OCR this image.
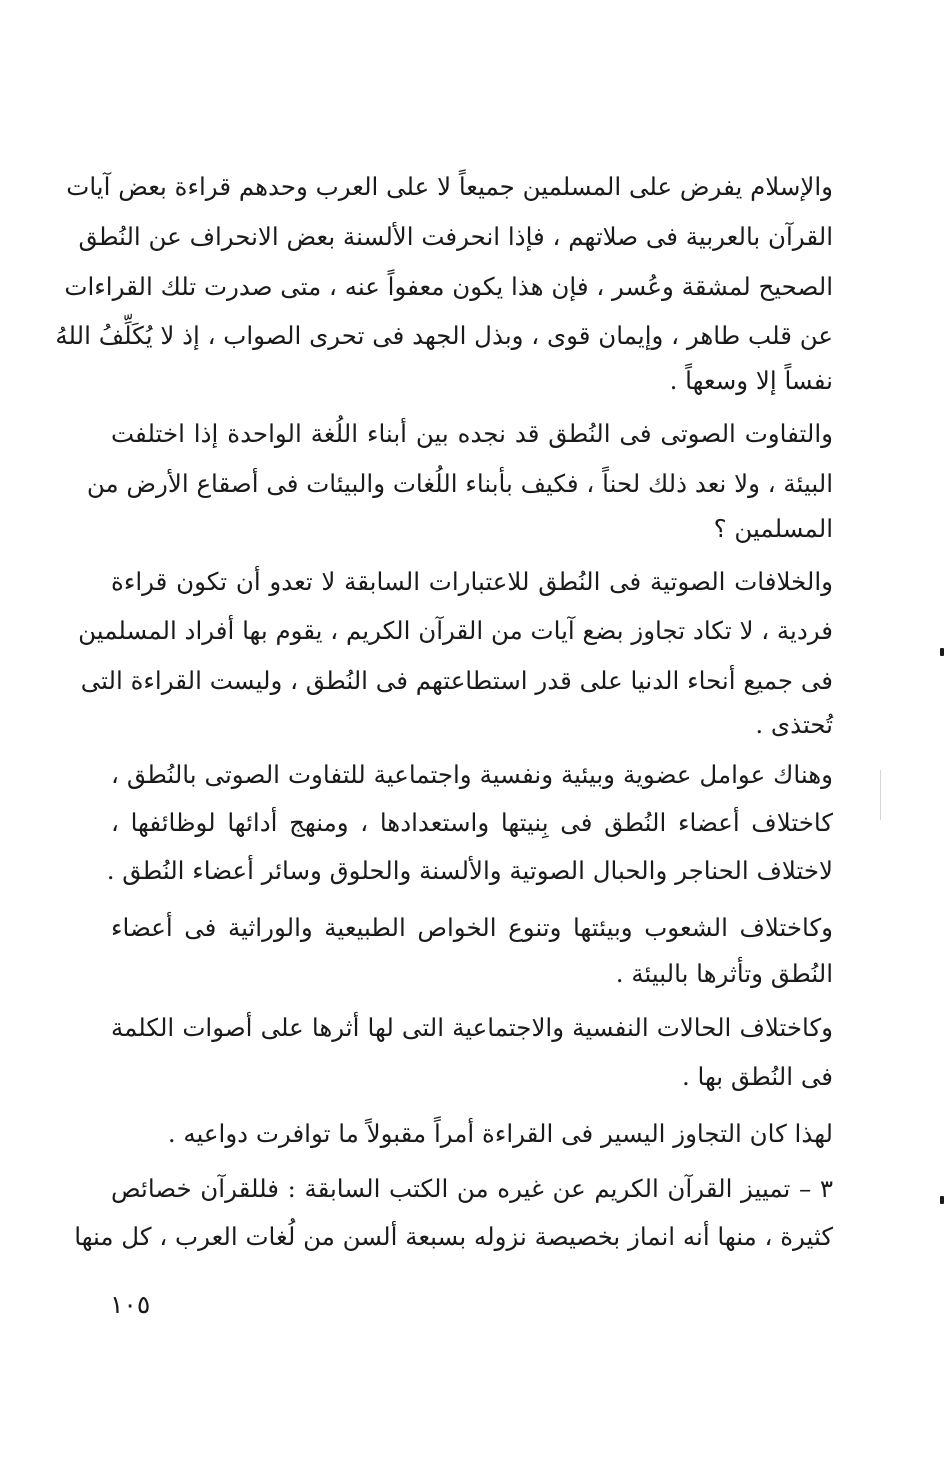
والإسلام يفرض على المسلمين جميعاً لا على العرب وحدهم قراءة بعض آيات
القرآن بالعربية فى صلاتهم ، فإذا انحرفت الألسنة بعض الانحراف عن النُطق
الصحيح لمشقة وعُسر ، فإن هذا يكون معفواً عنه ، متى صدرت تلك القراءات
عن قلب طاهر ، وإيمان قوى ، وبذل الجهد فى تحرى الصواب ، إذ لا يُكَلِّفُ اللهُ
نفساً إلا وسعهاً .
والتفاوت الصوتى فى النُطق قد نجده بين أبناء اللُغة الواحدة إذا اختلفت
البيئة ، ولا نعد ذلك لحناً ، فكيف بأبناء اللُغات والبيئات فى أصقاع الأرض من
المسلمين ؟
والخلافات الصوتية فى النُطق للاعتبارات السابقة لا تعدو أن تكون قراءة
فردية ، لا تكاد تجاوز بضع آيات من القرآن الكريم ، يقوم بها أفراد المسلمين
فى جميع أنحاء الدنيا على قدر استطاعتهم فى النُطق ، وليست القراءة التى
تُحتذى .
وهناك عوامل عضوية وبيئية ونفسية واجتماعية للتفاوت الصوتى بالنُطق ،
كاختلاف أعضاء النُطق فى بِنيتها واستعدادها ، ومنهج أدائها لوظائفها ،
لاختلاف الحناجر والحبال الصوتية والألسنة والحلوق وسائر أعضاء النُطق .
وكاختلاف الشعوب وبيئتها وتنوع الخواص الطبيعية والوراثية فى أعضاء
النُطق وتأثرها بالبيئة .
وكاختلاف الحالات النفسية والاجتماعية التى لها أثرها على أصوات الكلمة
فى النُطق بها .
لهذا كان التجاوز اليسير فى القراءة أمراً مقبولاً ما توافرت دواعيه .
٣ – تمييز القرآن الكريم عن غيره من الكتب السابقة : فللقرآن خصائص
كثيرة ، منها أنه انماز بخصيصة نزوله بسبعة ألسن من لُغات العرب ، كل منها
١٠٥
